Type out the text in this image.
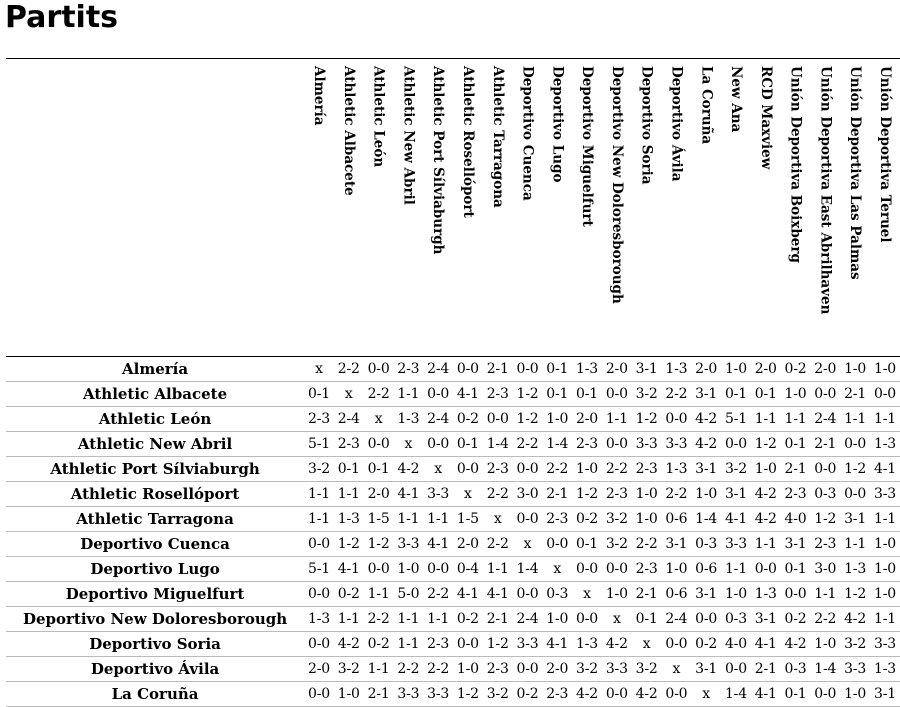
Partits

	Almería	Athletic Albacete	Athletic León	Athletic New Abril	Athletic Port Sílviaburgh	Athletic Rosellóport	Athletic Tarragona	Deportivo Cuenca	Deportivo Lugo	Deportivo Miguelfurt	Deportivo New Doloresborough	Deportivo Soria	Deportivo Ávila	La Coruña	New Ana	RCD Maxview	Unión Deportiva Boixberg	Unión Deportiva East Abrilhaven	Unión Deportiva Las Palmas	Unión Deportiva Teruel

Almería	x	2-2	0-0	2-3	2-4	0-0	2-1	0-0	0-1	1-3	2-0	3-1	1-3	2-0	1-0	2-0	0-2	2-0	1-0	1-0
Athletic Albacete	0-1	x	2-2	1-1	0-0	4-1	2-3	1-2	0-1	0-1	0-0	3-2	2-2	3-1	0-1	0-1	1-0	0-0	2-1	0-0
Athletic León	2-3	2-4	x	1-3	2-4	0-2	0-0	1-2	1-0	2-0	1-1	1-2	0-0	4-2	5-1	1-1	1-1	2-4	1-1	1-1
Athletic New Abril	5-1	2-3	0-0	x	0-0	0-1	1-4	2-2	1-4	2-3	0-0	3-3	3-3	4-2	0-0	1-2	0-1	2-1	0-0	1-3
Athletic Port Sílviaburgh	3-2	0-1	0-1	4-2	x	0-0	2-3	0-0	2-2	1-0	2-2	2-3	1-3	3-1	3-2	1-0	2-1	0-0	1-2	4-1
Athletic Rosellóport	1-1	1-1	2-0	4-1	3-3	x	2-2	3-0	2-1	1-2	2-3	1-0	2-2	1-0	3-1	4-2	2-3	0-3	0-0	3-3
Athletic Tarragona	1-1	1-3	1-5	1-1	1-1	1-5	x	0-0	2-3	0-2	3-2	1-0	0-6	1-4	4-1	4-2	4-0	1-2	3-1	1-1
Deportivo Cuenca	0-0	1-2	1-2	3-3	4-1	2-0	2-2	x	0-0	0-1	3-2	2-2	3-1	0-3	3-3	1-1	3-1	2-3	1-1	1-0
Deportivo Lugo	5-1	4-1	0-0	1-0	0-0	0-4	1-1	1-4	x	0-0	0-0	2-3	1-0	0-6	1-1	0-0	0-1	3-0	1-3	1-0
Deportivo Miguelfurt	0-0	0-2	1-1	5-0	2-2	4-1	4-1	0-0	0-3	x	1-0	2-1	0-6	3-1	1-0	1-3	0-0	1-1	1-2	1-0
Deportivo New Doloresborough	1-3	1-1	2-2	1-1	1-1	0-2	2-1	2-4	1-0	0-0	x	0-1	2-4	0-0	0-3	3-1	0-2	2-2	4-2	1-1
Deportivo Soria	0-0	4-2	0-2	1-1	2-3	0-0	1-2	3-3	4-1	1-3	4-2	x	0-0	0-2	4-0	4-1	4-2	1-0	3-2	3-3
Deportivo Ávila	2-0	3-2	1-1	2-2	2-2	1-0	2-3	0-0	2-0	3-2	3-3	3-2	x	3-1	0-0	2-1	0-3	1-4	3-3	1-3
La Coruña	0-0	1-0	2-1	3-3	3-3	1-2	3-2	0-2	2-3	4-2	0-0	4-2	0-0	x	1-4	4-1	0-1	0-0	1-0	3-1
